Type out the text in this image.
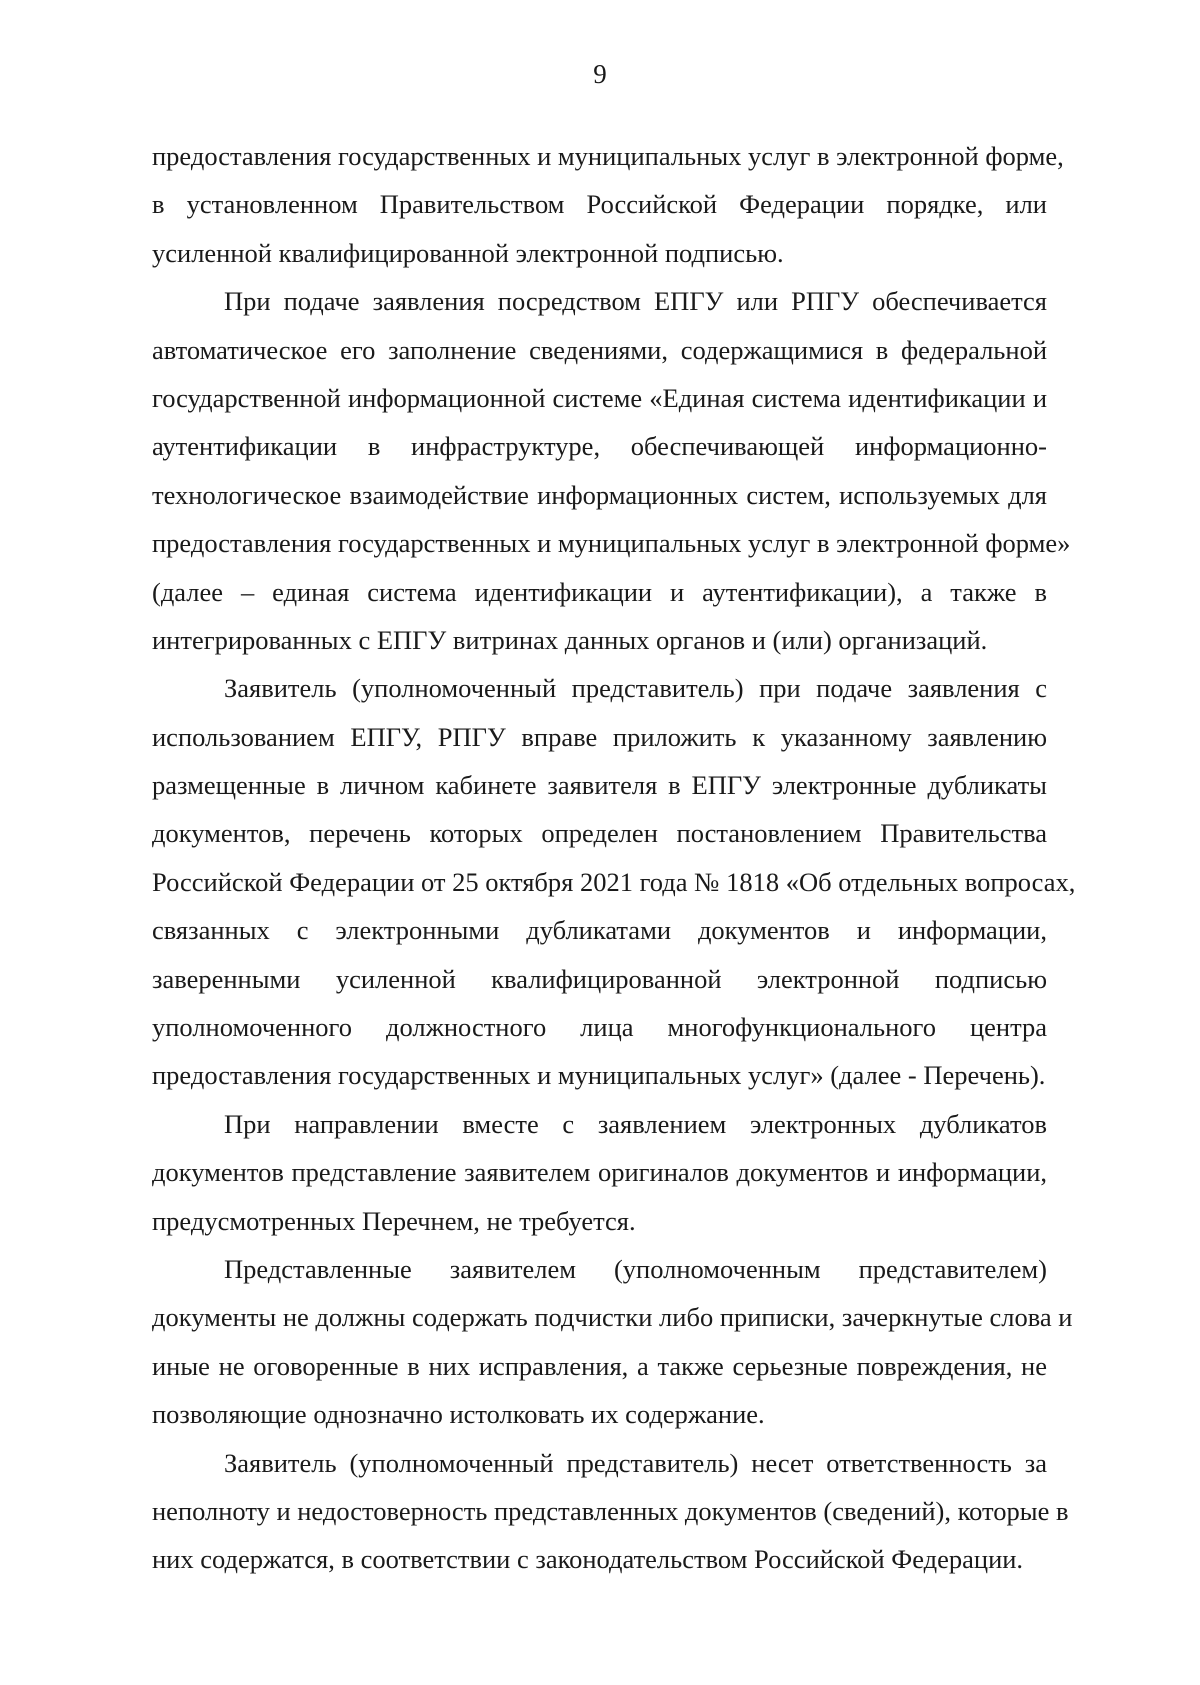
9
предоставления государственных и муниципальных услуг в электронной форме,
в установленном Правительством Российской Федерации порядке, или
усиленной квалифицированной электронной подписью.
При подаче заявления посредством ЕПГУ или РПГУ обеспечивается
автоматическое его заполнение сведениями, содержащимися в федеральной
государственной информационной системе «Единая система идентификации и
аутентификации в инфраструктуре, обеспечивающей информационно-
технологическое взаимодействие информационных систем, используемых для
предоставления государственных и муниципальных услуг в электронной форме»
(далее – единая система идентификации и аутентификации), а также в
интегрированных с ЕПГУ витринах данных органов и (или) организаций.
Заявитель (уполномоченный представитель) при подаче заявления с
использованием ЕПГУ, РПГУ вправе приложить к указанному заявлению
размещенные в личном кабинете заявителя в ЕПГУ электронные дубликаты
документов, перечень которых определен постановлением Правительства
Российской Федерации от 25 октября 2021 года № 1818 «Об отдельных вопросах,
связанных с электронными дубликатами документов и информации,
заверенными усиленной квалифицированной электронной подписью
уполномоченного должностного лица многофункционального центра
предоставления государственных и муниципальных услуг» (далее - Перечень).
При направлении вместе с заявлением электронных дубликатов
документов представление заявителем оригиналов документов и информации,
предусмотренных Перечнем, не требуется.
Представленные заявителем (уполномоченным представителем)
документы не должны содержать подчистки либо приписки, зачеркнутые слова и
иные не оговоренные в них исправления, а также серьезные повреждения, не
позволяющие однозначно истолковать их содержание.
Заявитель (уполномоченный представитель) несет ответственность за
неполноту и недостоверность представленных документов (сведений), которые в
них содержатся, в соответствии с законодательством Российской Федерации.
